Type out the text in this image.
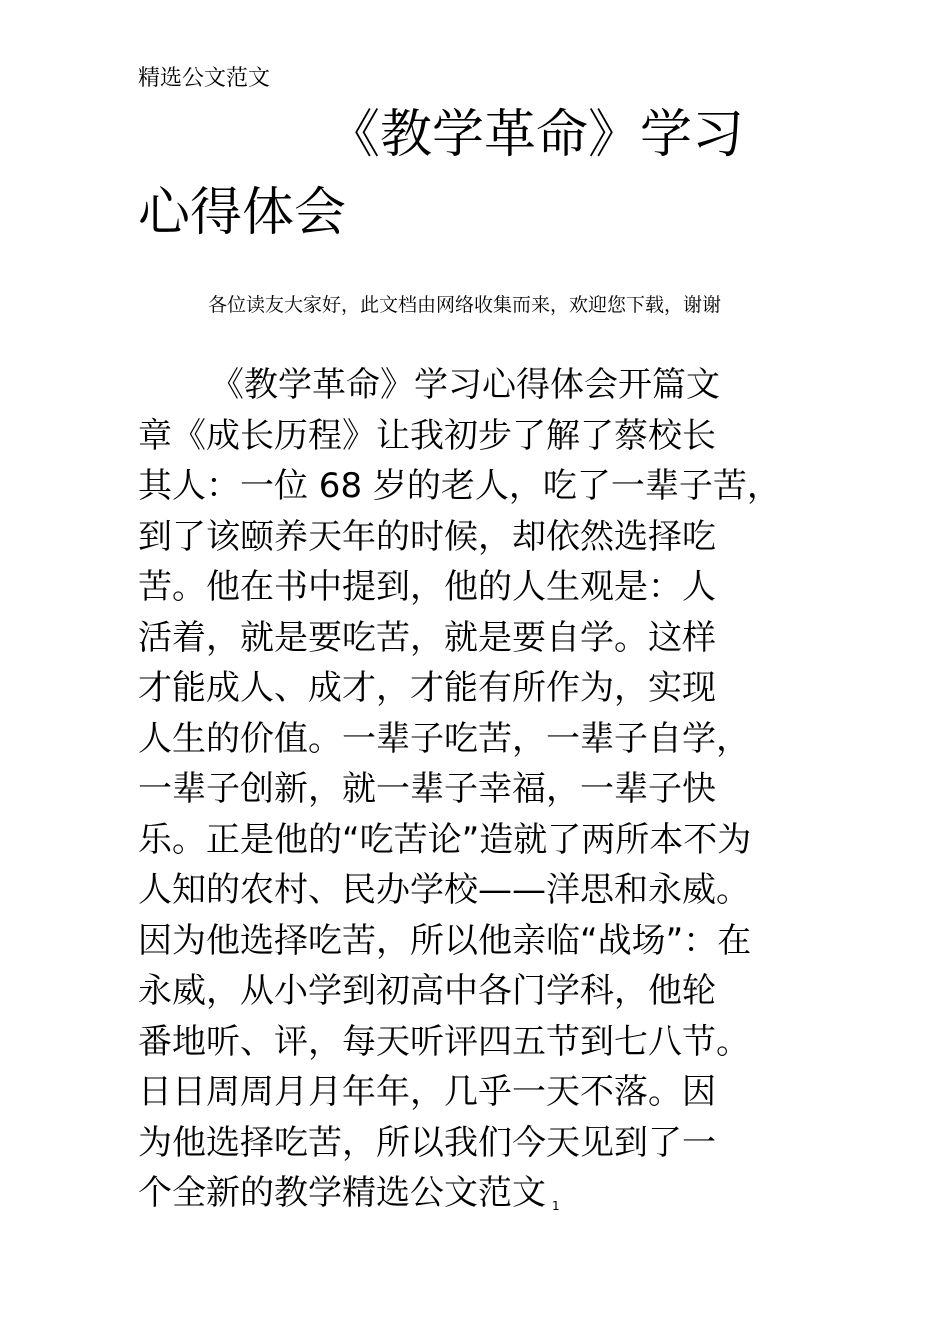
精选公文范文
《教学革命》学习
心得体会
各位读友大家好，此文档由网络收集而来，欢迎您下载，谢谢
《教学革命》学习心得体会开篇文
章《成长历程》让我初步了解了蔡校长
其人：一位 68 岁的老人，吃了一辈子苦，
到了该颐养天年的时候，却依然选择吃
苦。他在书中提到，他的人生观是：人
活着，就是要吃苦，就是要自学。这样
才能成人、成才，才能有所作为，实现
人生的价值。一辈子吃苦，一辈子自学，
一辈子创新，就一辈子幸福，一辈子快
乐。正是他的“吃苦论”造就了两所本不为
人知的农村、民办学校——洋思和永威。
因为他选择吃苦，所以他亲临“战场”：在
永威，从小学到初高中各门学科，他轮
番地听、评，每天听评四五节到七八节。
日日周周月月年年，几乎一天不落。因
为他选择吃苦，所以我们今天见到了一
个全新的教学精选公文范文 1
